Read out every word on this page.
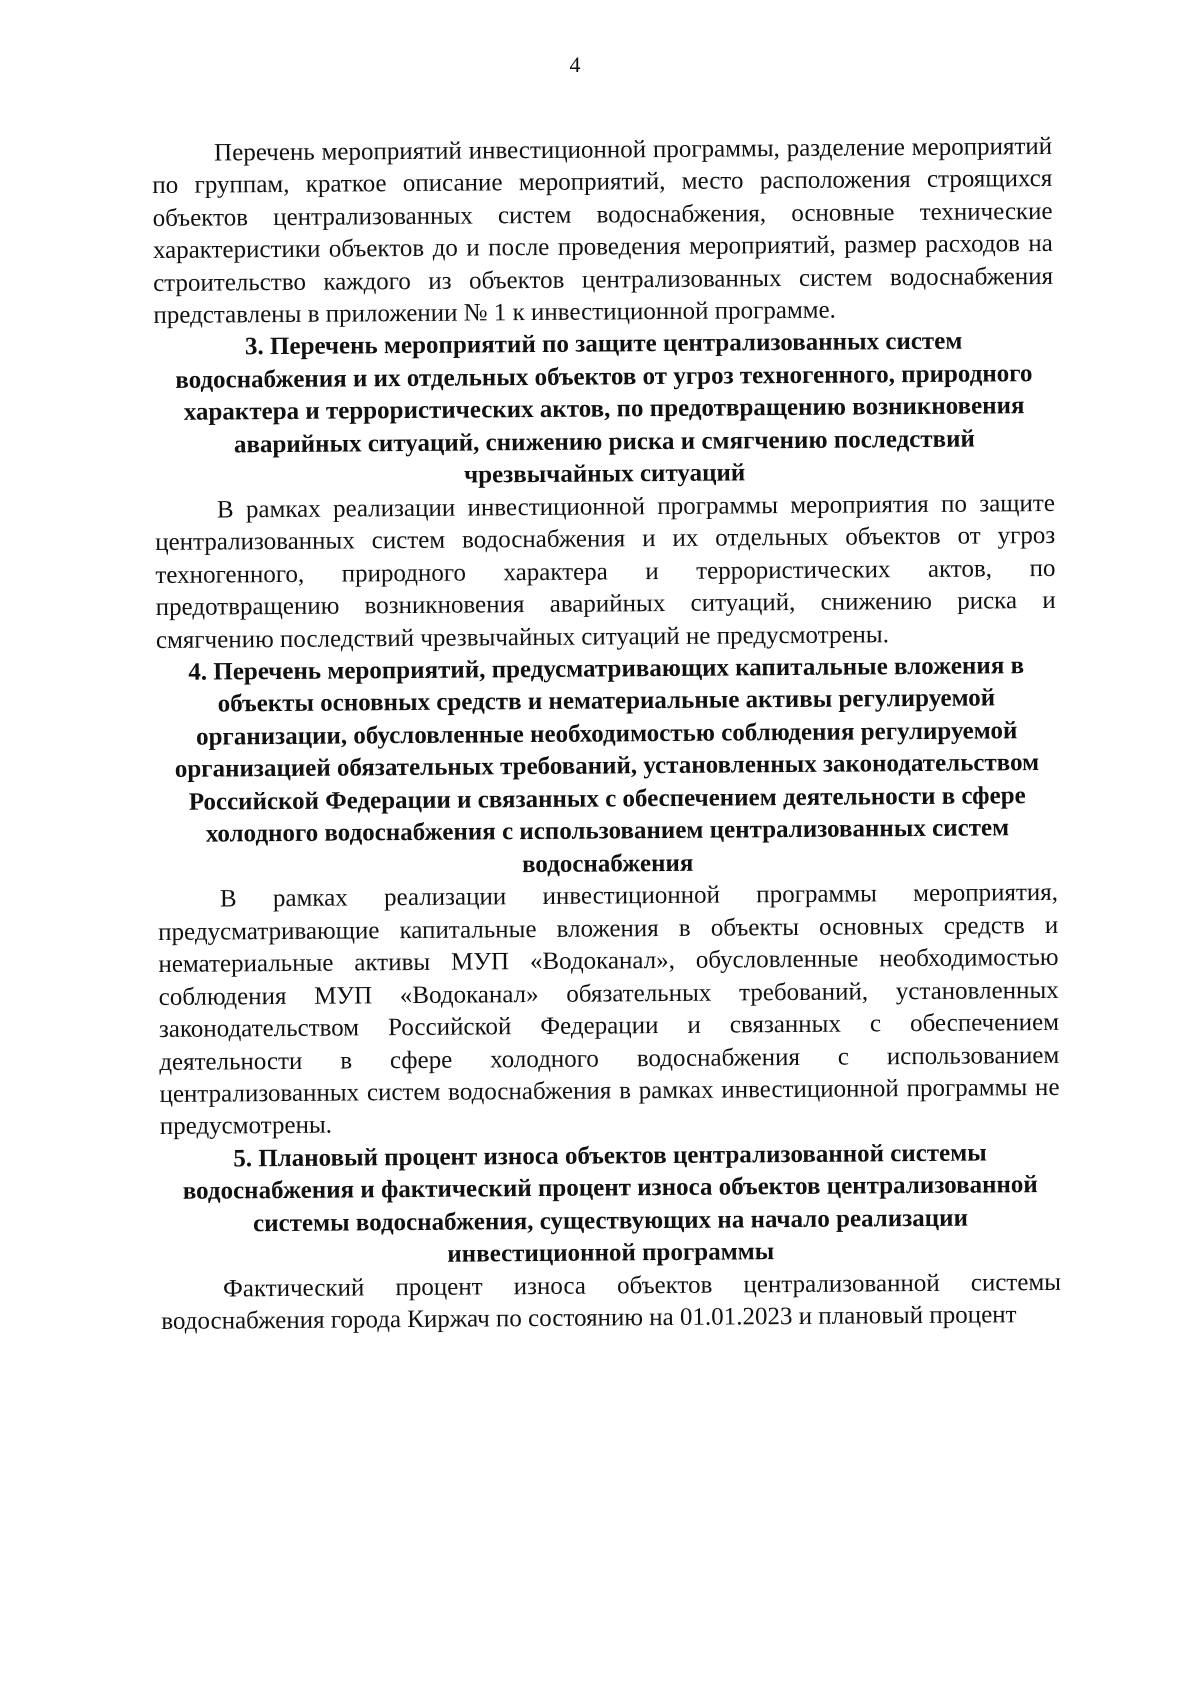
4

Перечень мероприятий инвестиционной программы, разделение мероприятий по группам, краткое описание мероприятий, место расположения строящихся объектов централизованных систем водоснабжения, основные технические характеристики объектов до и после проведения мероприятий, размер расходов на строительство каждого из объектов централизованных систем водоснабжения представлены в приложении № 1 к инвестиционной программе.

3. Перечень мероприятий по защите централизованных систем водоснабжения и их отдельных объектов от угроз техногенного, природного характера и террористических актов, по предотвращению возникновения аварийных ситуаций, снижению риска и смягчению последствий чрезвычайных ситуаций

В рамках реализации инвестиционной программы мероприятия по защите централизованных систем водоснабжения и их отдельных объектов от угроз техногенного, природного характера и террористических актов, по предотвращению возникновения аварийных ситуаций, снижению риска и смягчению последствий чрезвычайных ситуаций не предусмотрены.

4. Перечень мероприятий, предусматривающих капитальные вложения в объекты основных средств и нематериальные активы регулируемой организации, обусловленные необходимостью соблюдения регулируемой организацией обязательных требований, установленных законодательством Российской Федерации и связанных с обеспечением деятельности в сфере холодного водоснабжения с использованием централизованных систем водоснабжения

В рамках реализации инвестиционной программы мероприятия, предусматривающие капитальные вложения в объекты основных средств и нематериальные активы МУП «Водоканал», обусловленные необходимостью соблюдения МУП «Водоканал» обязательных требований, установленных законодательством Российской Федерации и связанных с обеспечением деятельности в сфере холодного водоснабжения с использованием централизованных систем водоснабжения в рамках инвестиционной программы не предусмотрены.

5. Плановый процент износа объектов централизованной системы водоснабжения и фактический процент износа объектов централизованной системы водоснабжения, существующих на начало реализации инвестиционной программы

Фактический процент износа объектов централизованной системы водоснабжения города Киржач по состоянию на 01.01.2023 и плановый процент
